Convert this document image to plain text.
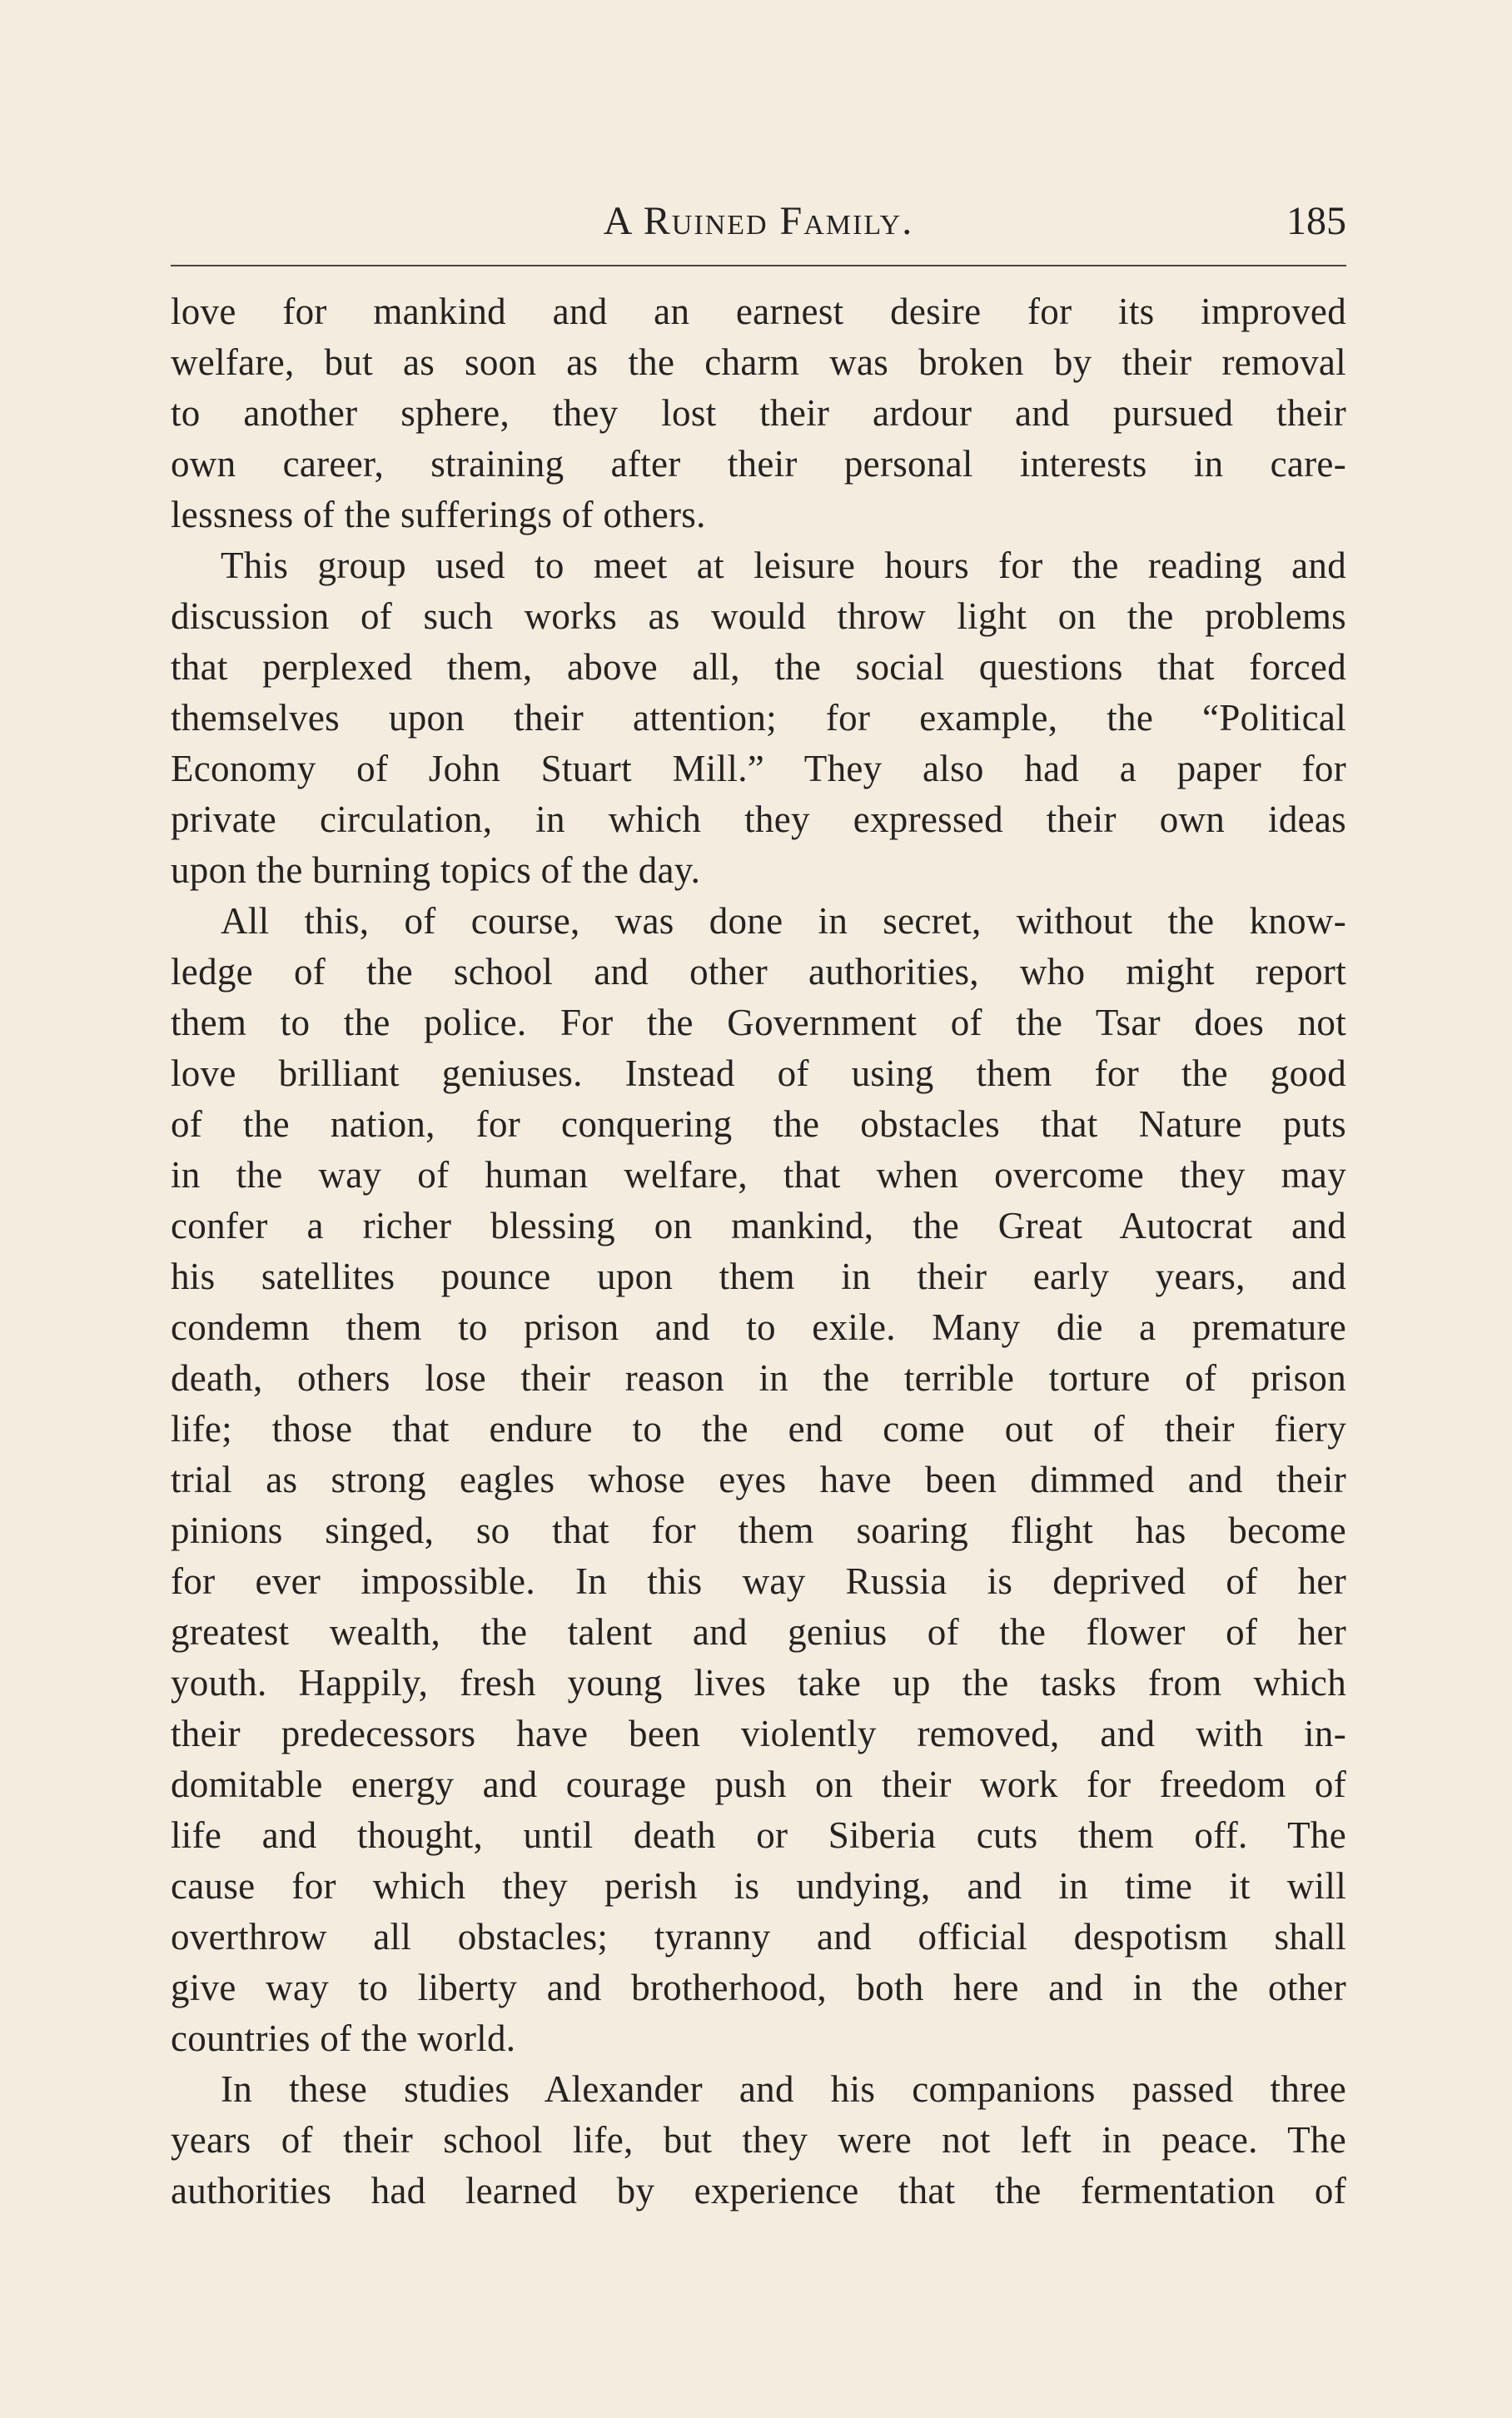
A Ruined Family.	185
love for mankind and an earnest desire for its improved
welfare, but as soon as the charm was broken by their removal
to another sphere, they lost their ardour and pursued their
own career, straining after their personal interests in care-
lessness of the sufferings of others.
This group used to meet at leisure hours for the reading and
discussion of such works as would throw light on the problems
that perplexed them, above all, the social questions that forced
themselves upon their attention; for example, the “Political
Economy of John Stuart Mill.” They also had a paper for
private circulation, in which they expressed their own ideas
upon the burning topics of the day.
All this, of course, was done in secret, without the know-
ledge of the school and other authorities, who might report
them to the police. For the Government of the Tsar does not
love brilliant geniuses. Instead of using them for the good
of the nation, for conquering the obstacles that Nature puts
in the way of human welfare, that when overcome they may
confer a richer blessing on mankind, the Great Autocrat and
his satellites pounce upon them in their early years, and
condemn them to prison and to exile. Many die a premature
death, others lose their reason in the terrible torture of prison
life; those that endure to the end come out of their fiery
trial as strong eagles whose eyes have been dimmed and their
pinions singed, so that for them soaring flight has become
for ever impossible. In this way Russia is deprived of her
greatest wealth, the talent and genius of the flower of her
youth. Happily, fresh young lives take up the tasks from which
their predecessors have been violently removed, and with in-
domitable energy and courage push on their work for freedom of
life and thought, until death or Siberia cuts them off. The
cause for which they perish is undying, and in time it will
overthrow all obstacles; tyranny and official despotism shall
give way to liberty and brotherhood, both here and in the other
countries of the world.
In these studies Alexander and his companions passed three
years of their school life, but they were not left in peace. The
authorities had learned by experience that the fermentation of
